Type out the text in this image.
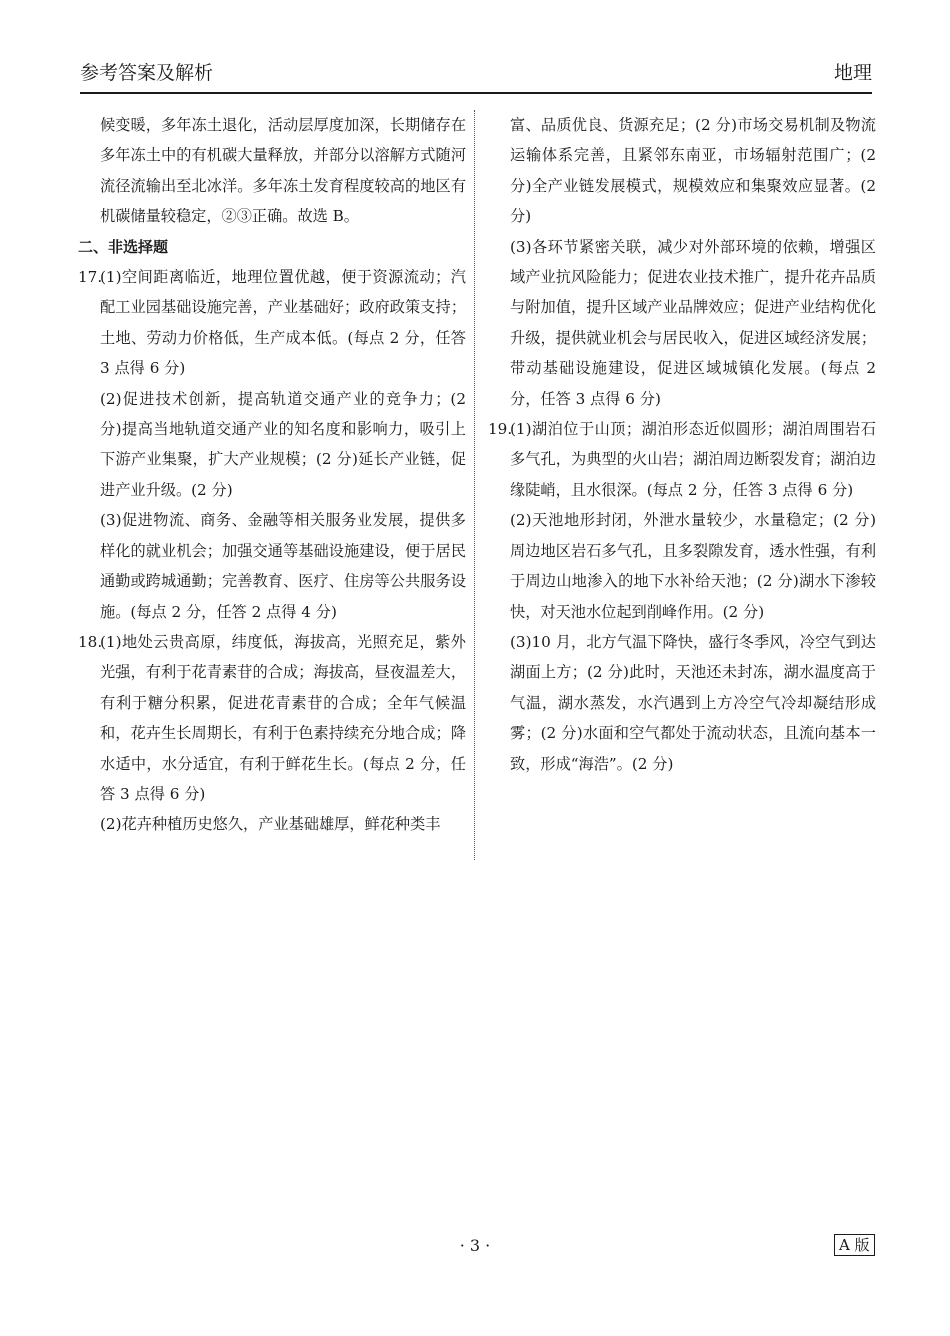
参考答案及解析	地理

候变暖，多年冻土退化，活动层厚度加深，长期储存在多年冻土中的有机碳大量释放，并部分以溶解方式随河流径流输出至北冰洋。多年冻土发育程度较高的地区有机碳储量较稳定，②③正确。故选 B。

二、非选择题

17.
(1)空间距离临近，地理位置优越，便于资源流动；汽配工业园基础设施完善，产业基础好；政府政策支持；土地、劳动力价格低，生产成本低。(每点 2 分，任答 3 点得 6 分)

(2)促进技术创新，提高轨道交通产业的竞争力；(2 分)提高当地轨道交通产业的知名度和影响力，吸引上下游产业集聚，扩大产业规模；(2 分)延长产业链，促进产业升级。(2 分)

(3)促进物流、商务、金融等相关服务业发展，提供多样化的就业机会；加强交通等基础设施建设，便于居民通勤或跨城通勤；完善教育、医疗、住房等公共服务设施。(每点 2 分，任答 2 点得 4 分)

18.
(1)地处云贵高原，纬度低，海拔高，光照充足，紫外光强，有利于花青素苷的合成；海拔高，昼夜温差大，有利于糖分积累，促进花青素苷的合成；全年气候温和，花卉生长周期长，有利于色素持续充分地合成；降水适中，水分适宜，有利于鲜花生长。(每点 2 分，任答 3 点得 6 分)

(2)花卉种植历史悠久，产业基础雄厚，鲜花种类丰

富、品质优良、货源充足；(2 分)市场交易机制及物流运输体系完善，且紧邻东南亚，市场辐射范围广；(2 分)全产业链发展模式，规模效应和集聚效应显著。(2 分)

(3)各环节紧密关联，减少对外部环境的依赖，增强区域产业抗风险能力；促进农业技术推广，提升花卉品质与附加值，提升区域产业品牌效应；促进产业结构优化升级，提供就业机会与居民收入，促进区域经济发展；带动基础设施建设，促进区域城镇化发展。(每点 2 分，任答 3 点得 6 分)

19.
(1)湖泊位于山顶；湖泊形态近似圆形；湖泊周围岩石多气孔，为典型的火山岩；湖泊周边断裂发育；湖泊边缘陡峭，且水很深。(每点 2 分，任答 3 点得 6 分)

(2)天池地形封闭，外泄水量较少，水量稳定；(2 分)周边地区岩石多气孔，且多裂隙发育，透水性强，有利于周边山地渗入的地下水补给天池；(2 分)湖水下渗较快，对天池水位起到削峰作用。(2 分)

(3)10 月，北方气温下降快，盛行冬季风，冷空气到达湖面上方；(2 分)此时，天池还未封冻，湖水温度高于气温，湖水蒸发，水汽遇到上方冷空气冷却凝结形成雾；(2 分)水面和空气都处于流动状态，且流向基本一致，形成“海浩”。(2 分)

· 3 ·	A 版
